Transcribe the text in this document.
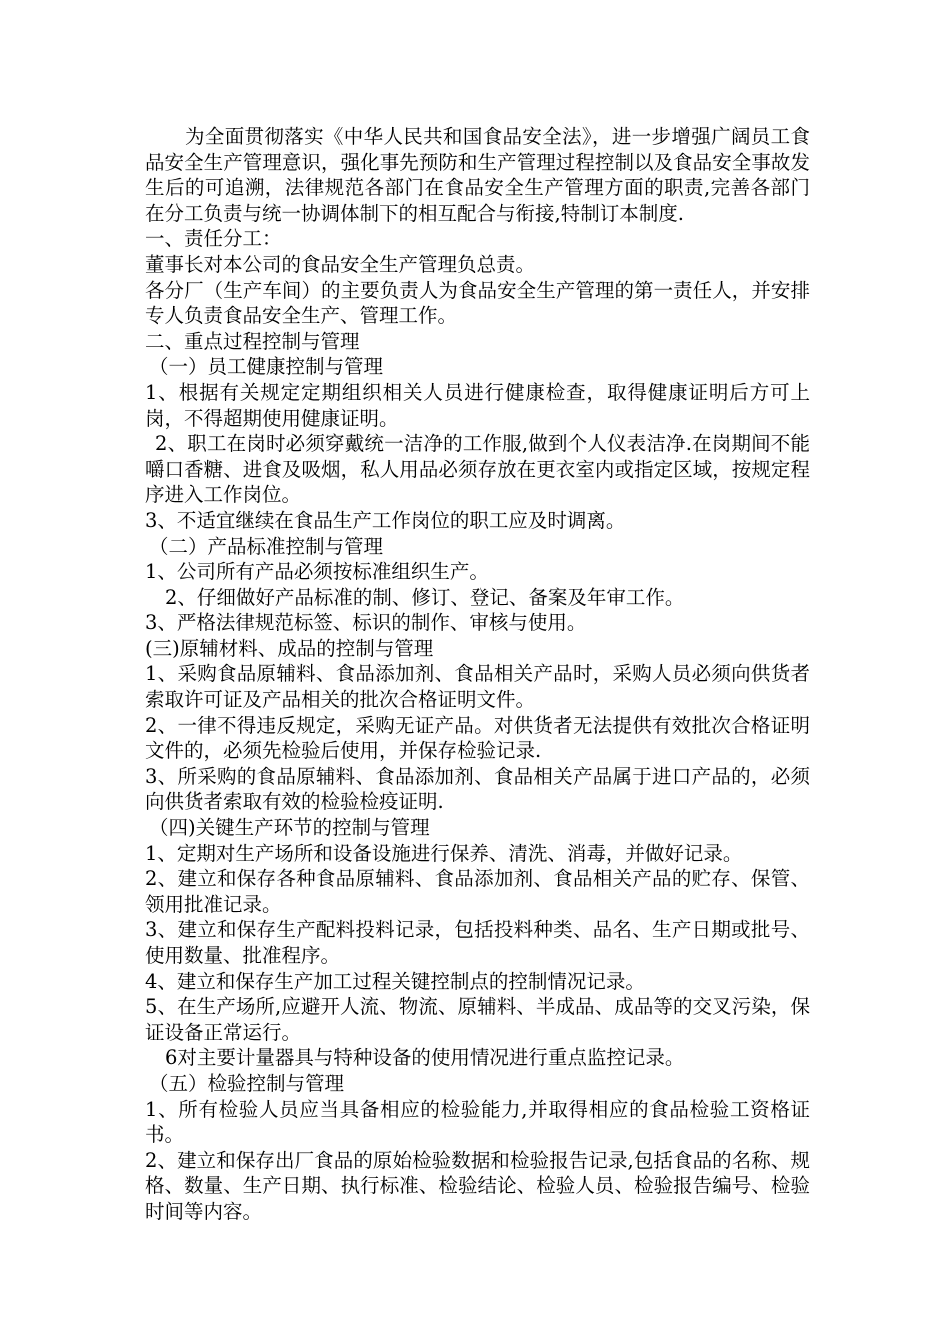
为全面贯彻落实《中华人民共和国食品安全法》，进一步增强广阔员工食品安全生产管理意识，强化事先预防和生产管理过程控制以及食品安全事故发生后的可追溯，法律规范各部门在食品安全生产管理方面的职责,完善各部门在分工负责与统一协调体制下的相互配合与衔接,特制订本制度.

一、责任分工：

董事长对本公司的食品安全生产管理负总责。

各分厂（生产车间）的主要负责人为食品安全生产管理的第一责任人，并安排专人负责食品安全生产、管理工作。

二、重点过程控制与管理

（一）员工健康控制与管理

1、根据有关规定定期组织相关人员进行健康检查，取得健康证明后方可上岗，不得超期使用健康证明。

2、职工在岗时必须穿戴统一洁净的工作服,做到个人仪表洁净.在岗期间不能嚼口香糖、进食及吸烟，私人用品必须存放在更衣室内或指定区域，按规定程序进入工作岗位。

3、不适宜继续在食品生产工作岗位的职工应及时调离。

（二）产品标准控制与管理

1、公司所有产品必须按标准组织生产。

2、仔细做好产品标准的制、修订、登记、备案及年审工作。

3、严格法律规范标签、标识的制作、审核与使用。

(三)原辅材料、成品的控制与管理

1、采购食品原辅料、食品添加剂、食品相关产品时，采购人员必须向供货者索取许可证及产品相关的批次合格证明文件。

2、一律不得违反规定，采购无证产品。对供货者无法提供有效批次合格证明文件的，必须先检验后使用，并保存检验记录.

3、所采购的食品原辅料、食品添加剂、食品相关产品属于进口产品的，必须向供货者索取有效的检验检疫证明.

（四)关键生产环节的控制与管理

1、定期对生产场所和设备设施进行保养、清洗、消毒，并做好记录。

2、建立和保存各种食品原辅料、食品添加剂、食品相关产品的贮存、保管、领用批准记录。

3、建立和保存生产配料投料记录，包括投料种类、品名、生产日期或批号、使用数量、批准程序。

4、建立和保存生产加工过程关键控制点的控制情况记录。

5、在生产场所,应避开人流、物流、原辅料、半成品、成品等的交叉污染，保证设备正常运行。

6对主要计量器具与特种设备的使用情况进行重点监控记录。

（五）检验控制与管理

1、所有检验人员应当具备相应的检验能力,并取得相应的食品检验工资格证书。

2、建立和保存出厂食品的原始检验数据和检验报告记录,包括食品的名称、规格、数量、生产日期、执行标准、检验结论、检验人员、检验报告编号、检验时间等内容。
